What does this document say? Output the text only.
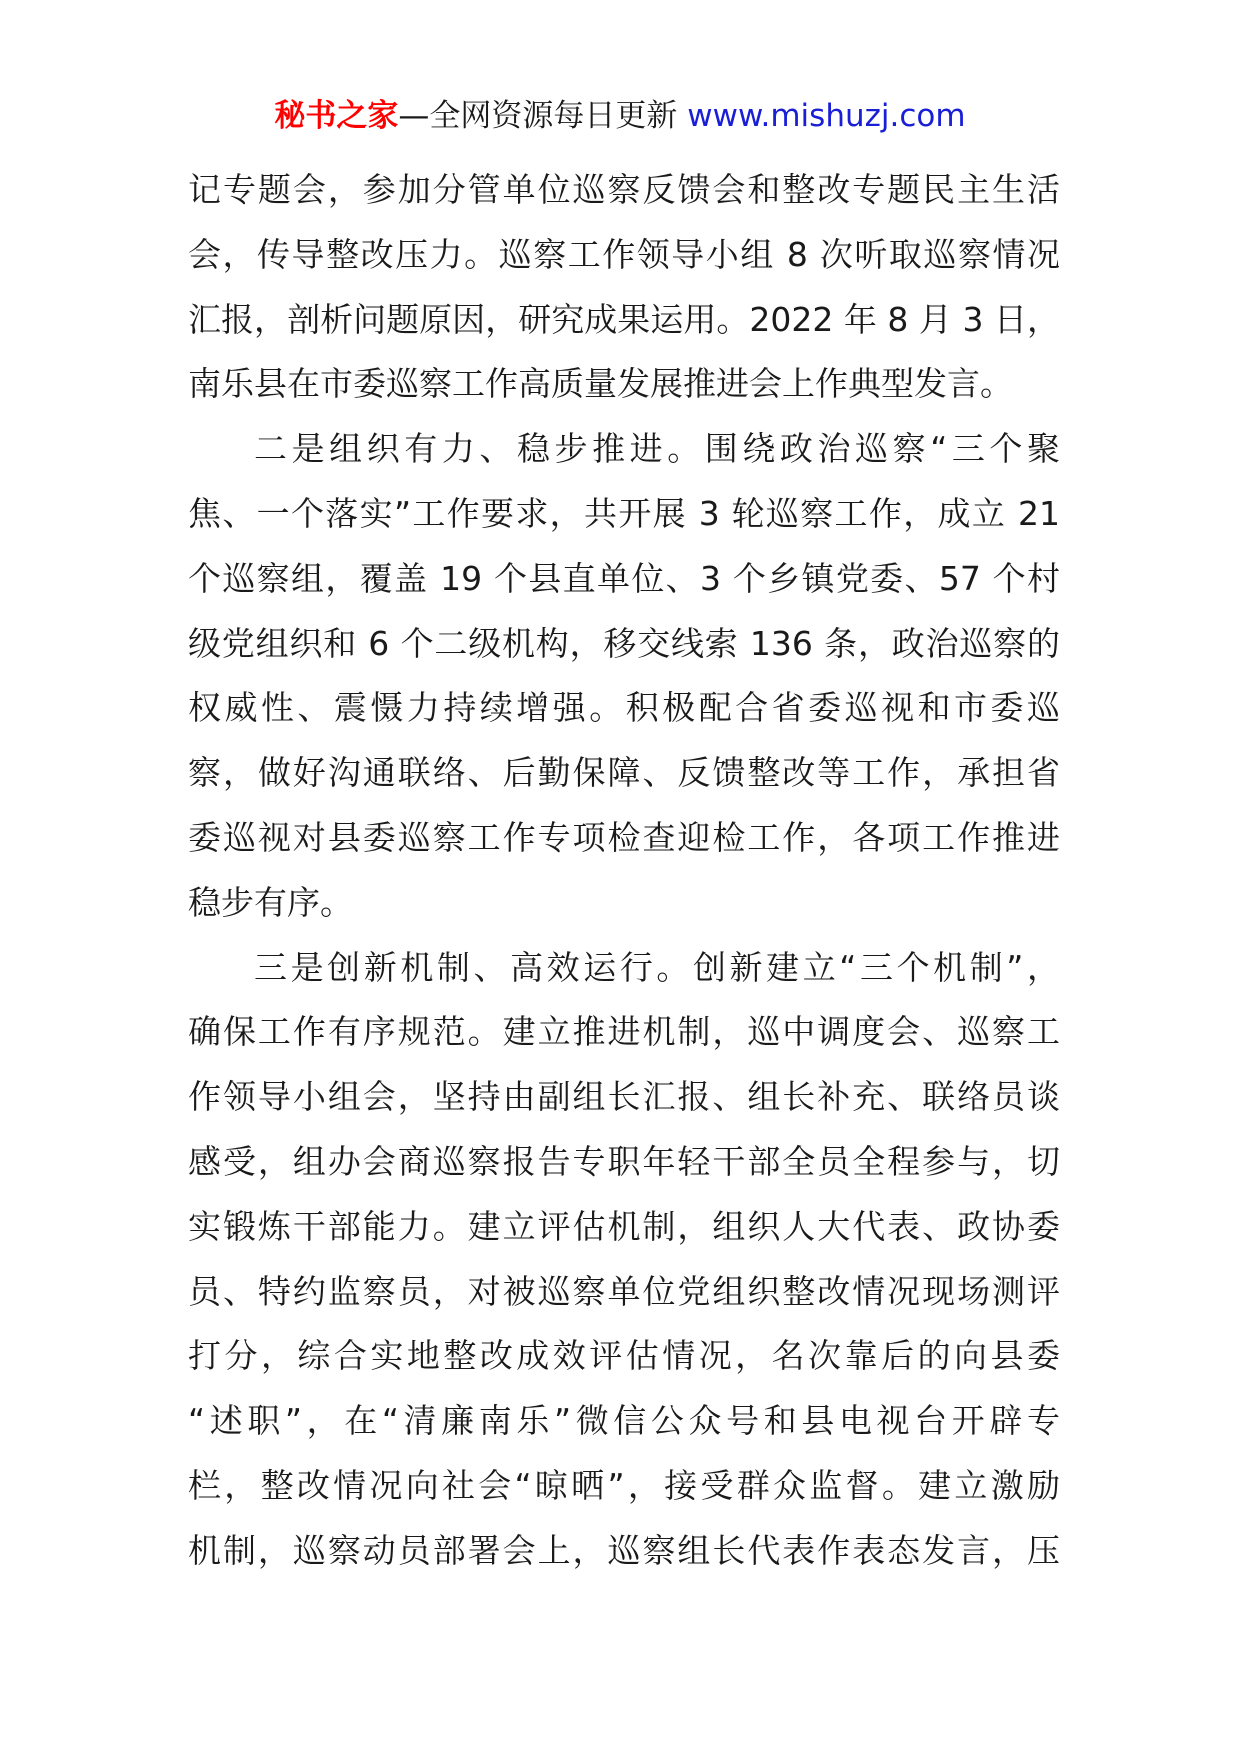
秘书之家—全网资源每日更新 www.mishuzj.com
记专题会，参加分管单位巡察反馈会和整改专题民主生活
会，传导整改压力。巡察工作领导小组 8 次听取巡察情况
汇报，剖析问题原因，研究成果运用。2022 年 8 月 3 日，
南乐县在市委巡察工作高质量发展推进会上作典型发言。
二是组织有力、稳步推进。围绕政治巡察“三个聚
焦、一个落实”工作要求，共开展 3 轮巡察工作，成立 21
个巡察组，覆盖 19 个县直单位、3 个乡镇党委、57 个村
级党组织和 6 个二级机构，移交线索 136 条，政治巡察的
权威性、震慑力持续增强。积极配合省委巡视和市委巡
察，做好沟通联络、后勤保障、反馈整改等工作，承担省
委巡视对县委巡察工作专项检查迎检工作，各项工作推进
稳步有序。
三是创新机制、高效运行。创新建立“三个机制”，
确保工作有序规范。建立推进机制，巡中调度会、巡察工
作领导小组会，坚持由副组长汇报、组长补充、联络员谈
感受，组办会商巡察报告专职年轻干部全员全程参与，切
实锻炼干部能力。建立评估机制，组织人大代表、政协委
员、特约监察员，对被巡察单位党组织整改情况现场测评
打分，综合实地整改成效评估情况，名次靠后的向县委
“述职”，在“清廉南乐”微信公众号和县电视台开辟专
栏，整改情况向社会“晾晒”，接受群众监督。建立激励
机制，巡察动员部署会上，巡察组长代表作表态发言，压
